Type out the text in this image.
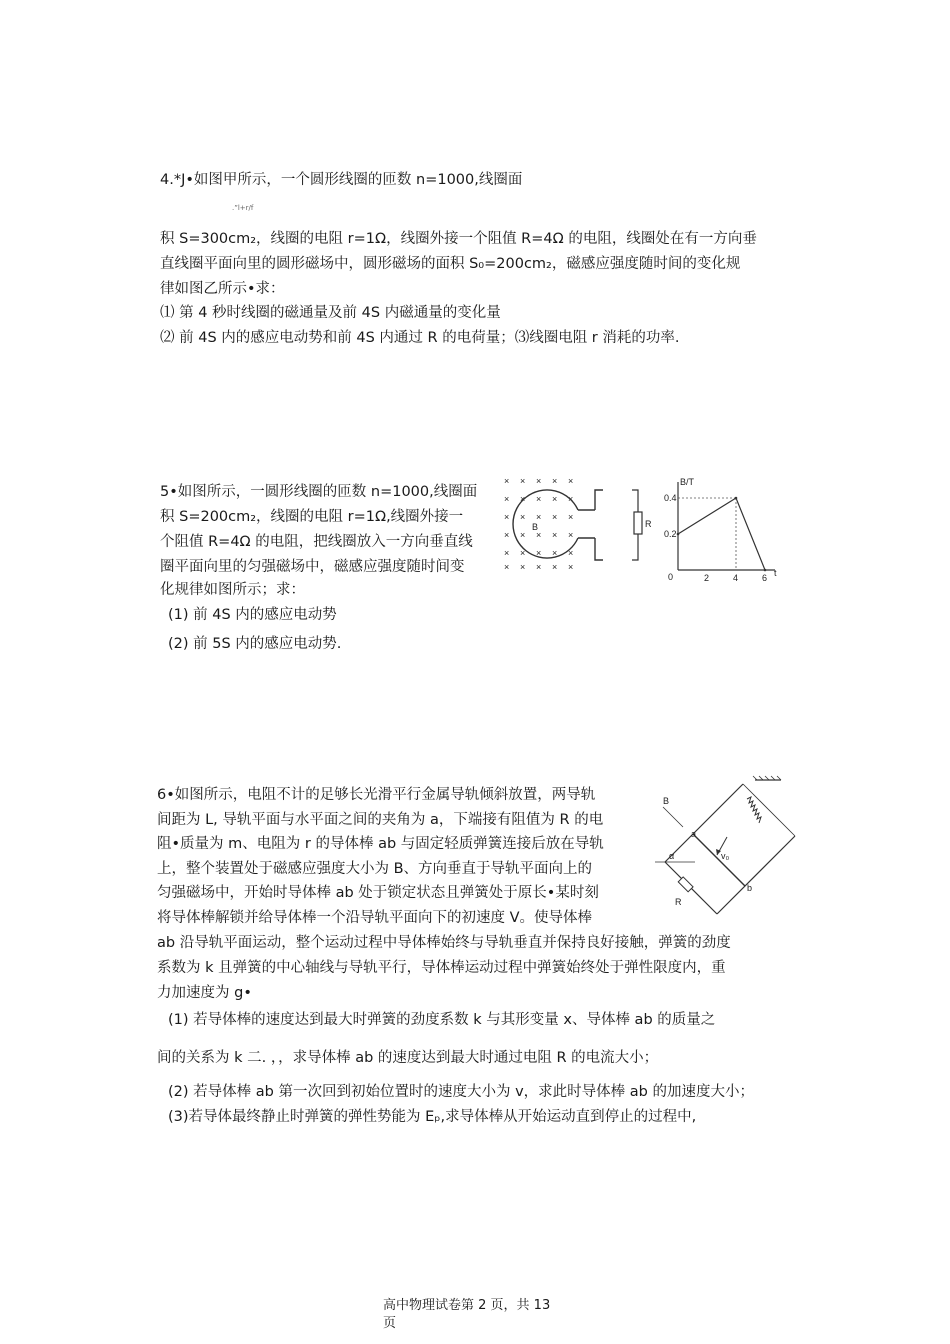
4.*J•如图甲所示，一个圆形线圈的匝数 n=1000,线圈面
.”l+r/f
积 S=300cm₂，线圈的电阻 r=1Ω，线圈外接一个阻值 R=4Ω 的电阻，线圈处在有一方向垂
直线圈平面向里的圆形磁场中，圆形磁场的面积 S₀=200cm₂，磁感应强度随时间的变化规
律如图乙所示•求：
⑴ 第 4 秒时线圈的磁通量及前 4S 内磁通量的变化量
⑵ 前 4S 内的感应电动势和前 4S 内通过 R 的电荷量；⑶线圈电阻 r 消耗的功率.
5•如图所示，一圆形线圈的匝数 n=1000,线圈面
积 S=200cm₂，线圈的电阻 r=1Ω,线圈外接一
个阻值 R=4Ω 的电阻，把线圈放入一方向垂直线
圈平面向里的匀强磁场中，磁感应强度随时间变
化规律如图所示；求：
(1) 前 4S 内的感应电动势
(2) 前 5S 内的感应电动势.
× × × × ×
× × × × ×
× × × × ×
× × × × ×
× × × × ×
× × × × ×
R
B
B/T
t
0
0.4
0.2
2	4	6
6•如图所示，电阻不计的足够长光滑平行金属导轨倾斜放置，两导轨
间距为 L, 导轨平面与水平面之间的夹角为 a，下端接有阻值为 R 的电
阻•质量为 m、电阻为 r 的导体棒 ab 与固定轻质弹簧连接后放在导轨
上，整个装置处于磁感应强度大小为 B、方向垂直于导轨平面向上的
匀强磁场中，开始时导体棒 ab 处于锁定状态且弹簧处于原长•某时刻
将导体棒解锁并给导体棒一个沿导轨平面向下的初速度 V。使导体棒
ab 沿导轨平面运动，整个运动过程中导体棒始终与导轨垂直并保持良好接触，弹簧的劲度
系数为 k 且弹簧的中心轴线与导轨平行，导体棒运动过程中弹簧始终处于弹性限度内，重
力加速度为 g•
(1) 若导体棒的速度达到最大时弹簧的劲度系数 k 与其形变量 x、导体棒 ab 的质量之
间的关系为 k 二. ，，求导体棒 ab 的速度达到最大时通过电阻 R 的电流大小；
(2) 若导体棒 ab 第一次回到初始位置时的速度大小为 v，求此时导体棒 ab 的加速度大小；
(3)若导体最终静止时弹簧的弹性势能为 Eₚ,求导体棒从开始运动直到停止的过程中,
B
a
b
R
α	v₀
高中物理试卷第 2 页，共 13
页
